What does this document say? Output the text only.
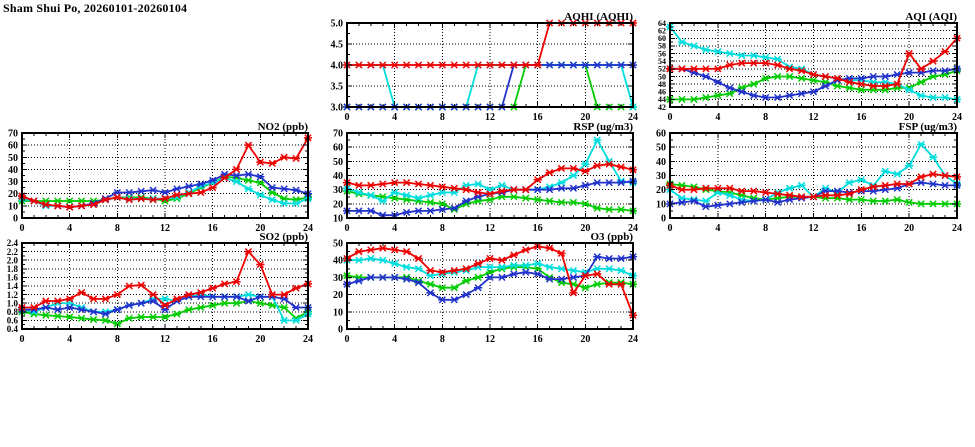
Sham Shui Po, 20260101-20260104
3.0
3.5
4.0
4.5
5.0
0	4	8	12	16	20	24
AQHI (AQHI)
42
44
46
48
50
52
54
56
58
60
62
64
0	4	8	12	16	20	24
AQI (AQI)
0
10
20
30
40
50
60
70
0	4	8	12	16	20	24
NO2 (ppb)
10
20
30
40
50
60
70
0	4	8	12	16	20	24
RSP (ug/m3)
0
10
20
30
40
50
60
0	4	8	12	16	20	24
FSP (ug/m3)
0.4
0.6
0.8
1.0
1.2
1.4
1.6
1.8
2.0
2.2
2.4
0	4	8	12	16	20	24
SO2 (ppb)
0
10
20
30
40
50
0	4	8	12	16	20	24
O3 (ppb)
